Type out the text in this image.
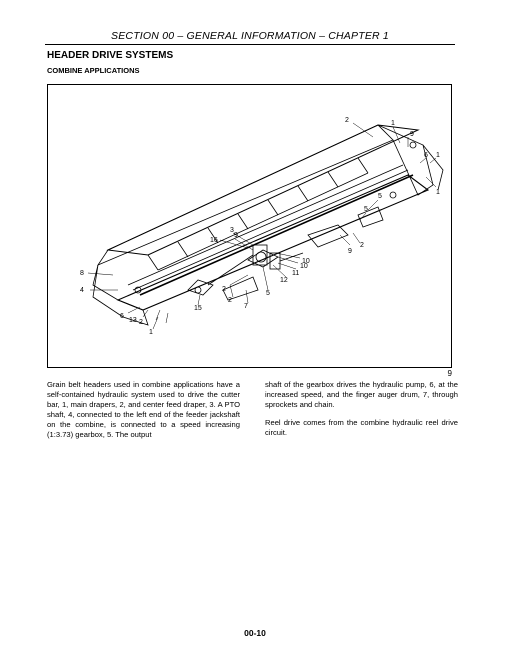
SECTION 00 – GENERAL INFORMATION – CHAPTER 1
HEADER DRIVE SYSTEMS
COMBINE APPLICATIONS
2	1
9
6 1
1
5
5
2
9
10
11
12
10
3
16
9
8
4	2
5
15
2
7
6
13 2
1
9

Grain belt headers used in combine applications have a self-contained hydraulic system used to drive the cutter bar, 1, main drapers, 2, and center feed draper, 3. A PTO shaft, 4, connected to the left end of the feeder jackshaft on the combine, is connected to a speed increasing (1:3.73) gearbox, 5. The output

shaft of the gearbox drives the hydraulic pump, 6, at the increased speed, and the finger auger drum, 7, through sprockets and chain.

Reel drive comes from the combine hydraulic reel drive circuit.

00-10
